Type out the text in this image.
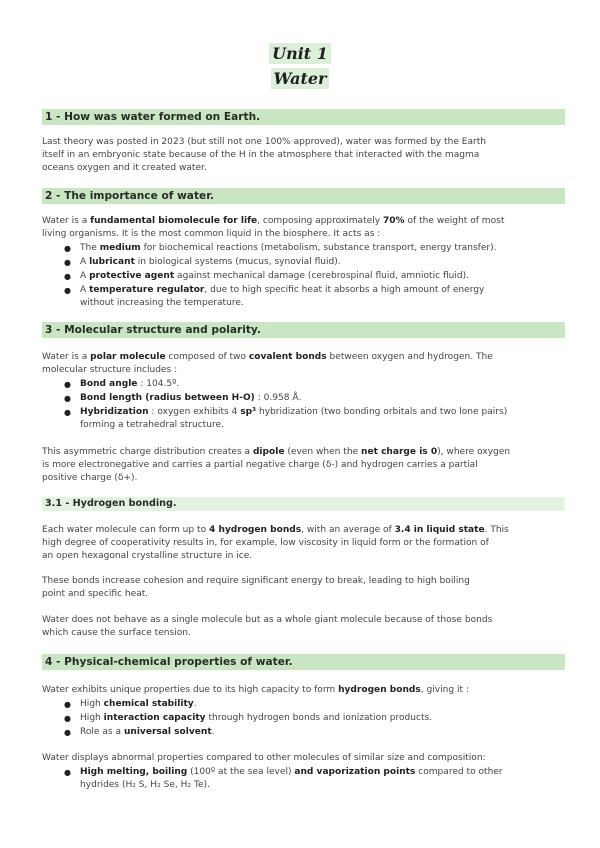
Unit 1
Water
1 - How was water formed on Earth.
Last theory was posted in 2023 (but still not one 100% approved), water was formed by the Earth
itself in an embryonic state because of the H in the atmosphere that interacted with the magma
oceans oxygen and it created water.
2 - The importance of water.
Water is a fundamental biomolecule for life, composing approximately 70% of the weight of most
living organisms. It is the most common liquid in the biosphere. It acts as :
● The medium for biochemical reactions (metabolism, substance transport, energy transfer).
● A lubricant in biological systems (mucus, synovial fluid).
● A protective agent against mechanical damage (cerebrospinal fluid, amniotic fluid).
● A temperature regulator, due to high specific heat it absorbs a high amount of energy
without increasing the temperature.
3 - Molecular structure and polarity.
Water is a polar molecule composed of two covalent bonds between oxygen and hydrogen. The
molecular structure includes :
● Bond angle : 104.5º.
● Bond length (radius between H-O) : 0.958 Å.
● Hybridization : oxygen exhibits 4 sp³ hybridization (two bonding orbitals and two lone pairs)
forming a tetrahedral structure.
This asymmetric charge distribution creates a dipole (even when the net charge is 0), where oxygen
is more electronegative and carries a partial negative charge (δ-) and hydrogen carries a partial
positive charge (δ+).
3.1 - Hydrogen bonding.
Each water molecule can form up to 4 hydrogen bonds, with an average of 3.4 in liquid state. This
high degree of cooperativity results in, for example, low viscosity in liquid form or the formation of
an open hexagonal crystalline structure in ice.
These bonds increase cohesion and require significant energy to break, leading to high boiling
point and specific heat.
Water does not behave as a single molecule but as a whole giant molecule because of those bonds
which cause the surface tension.
4 - Physical-chemical properties of water.
Water exhibits unique properties due to its high capacity to form hydrogen bonds, giving it :
● High chemical stability.
● High interaction capacity through hydrogen bonds and ionization products.
● Role as a universal solvent.
Water displays abnormal properties compared to other molecules of similar size and composition:
● High melting, boiling (100º at the sea level) and vaporization points compared to other
hydrides (H₂ S, H₂ Se, H₂ Te).
